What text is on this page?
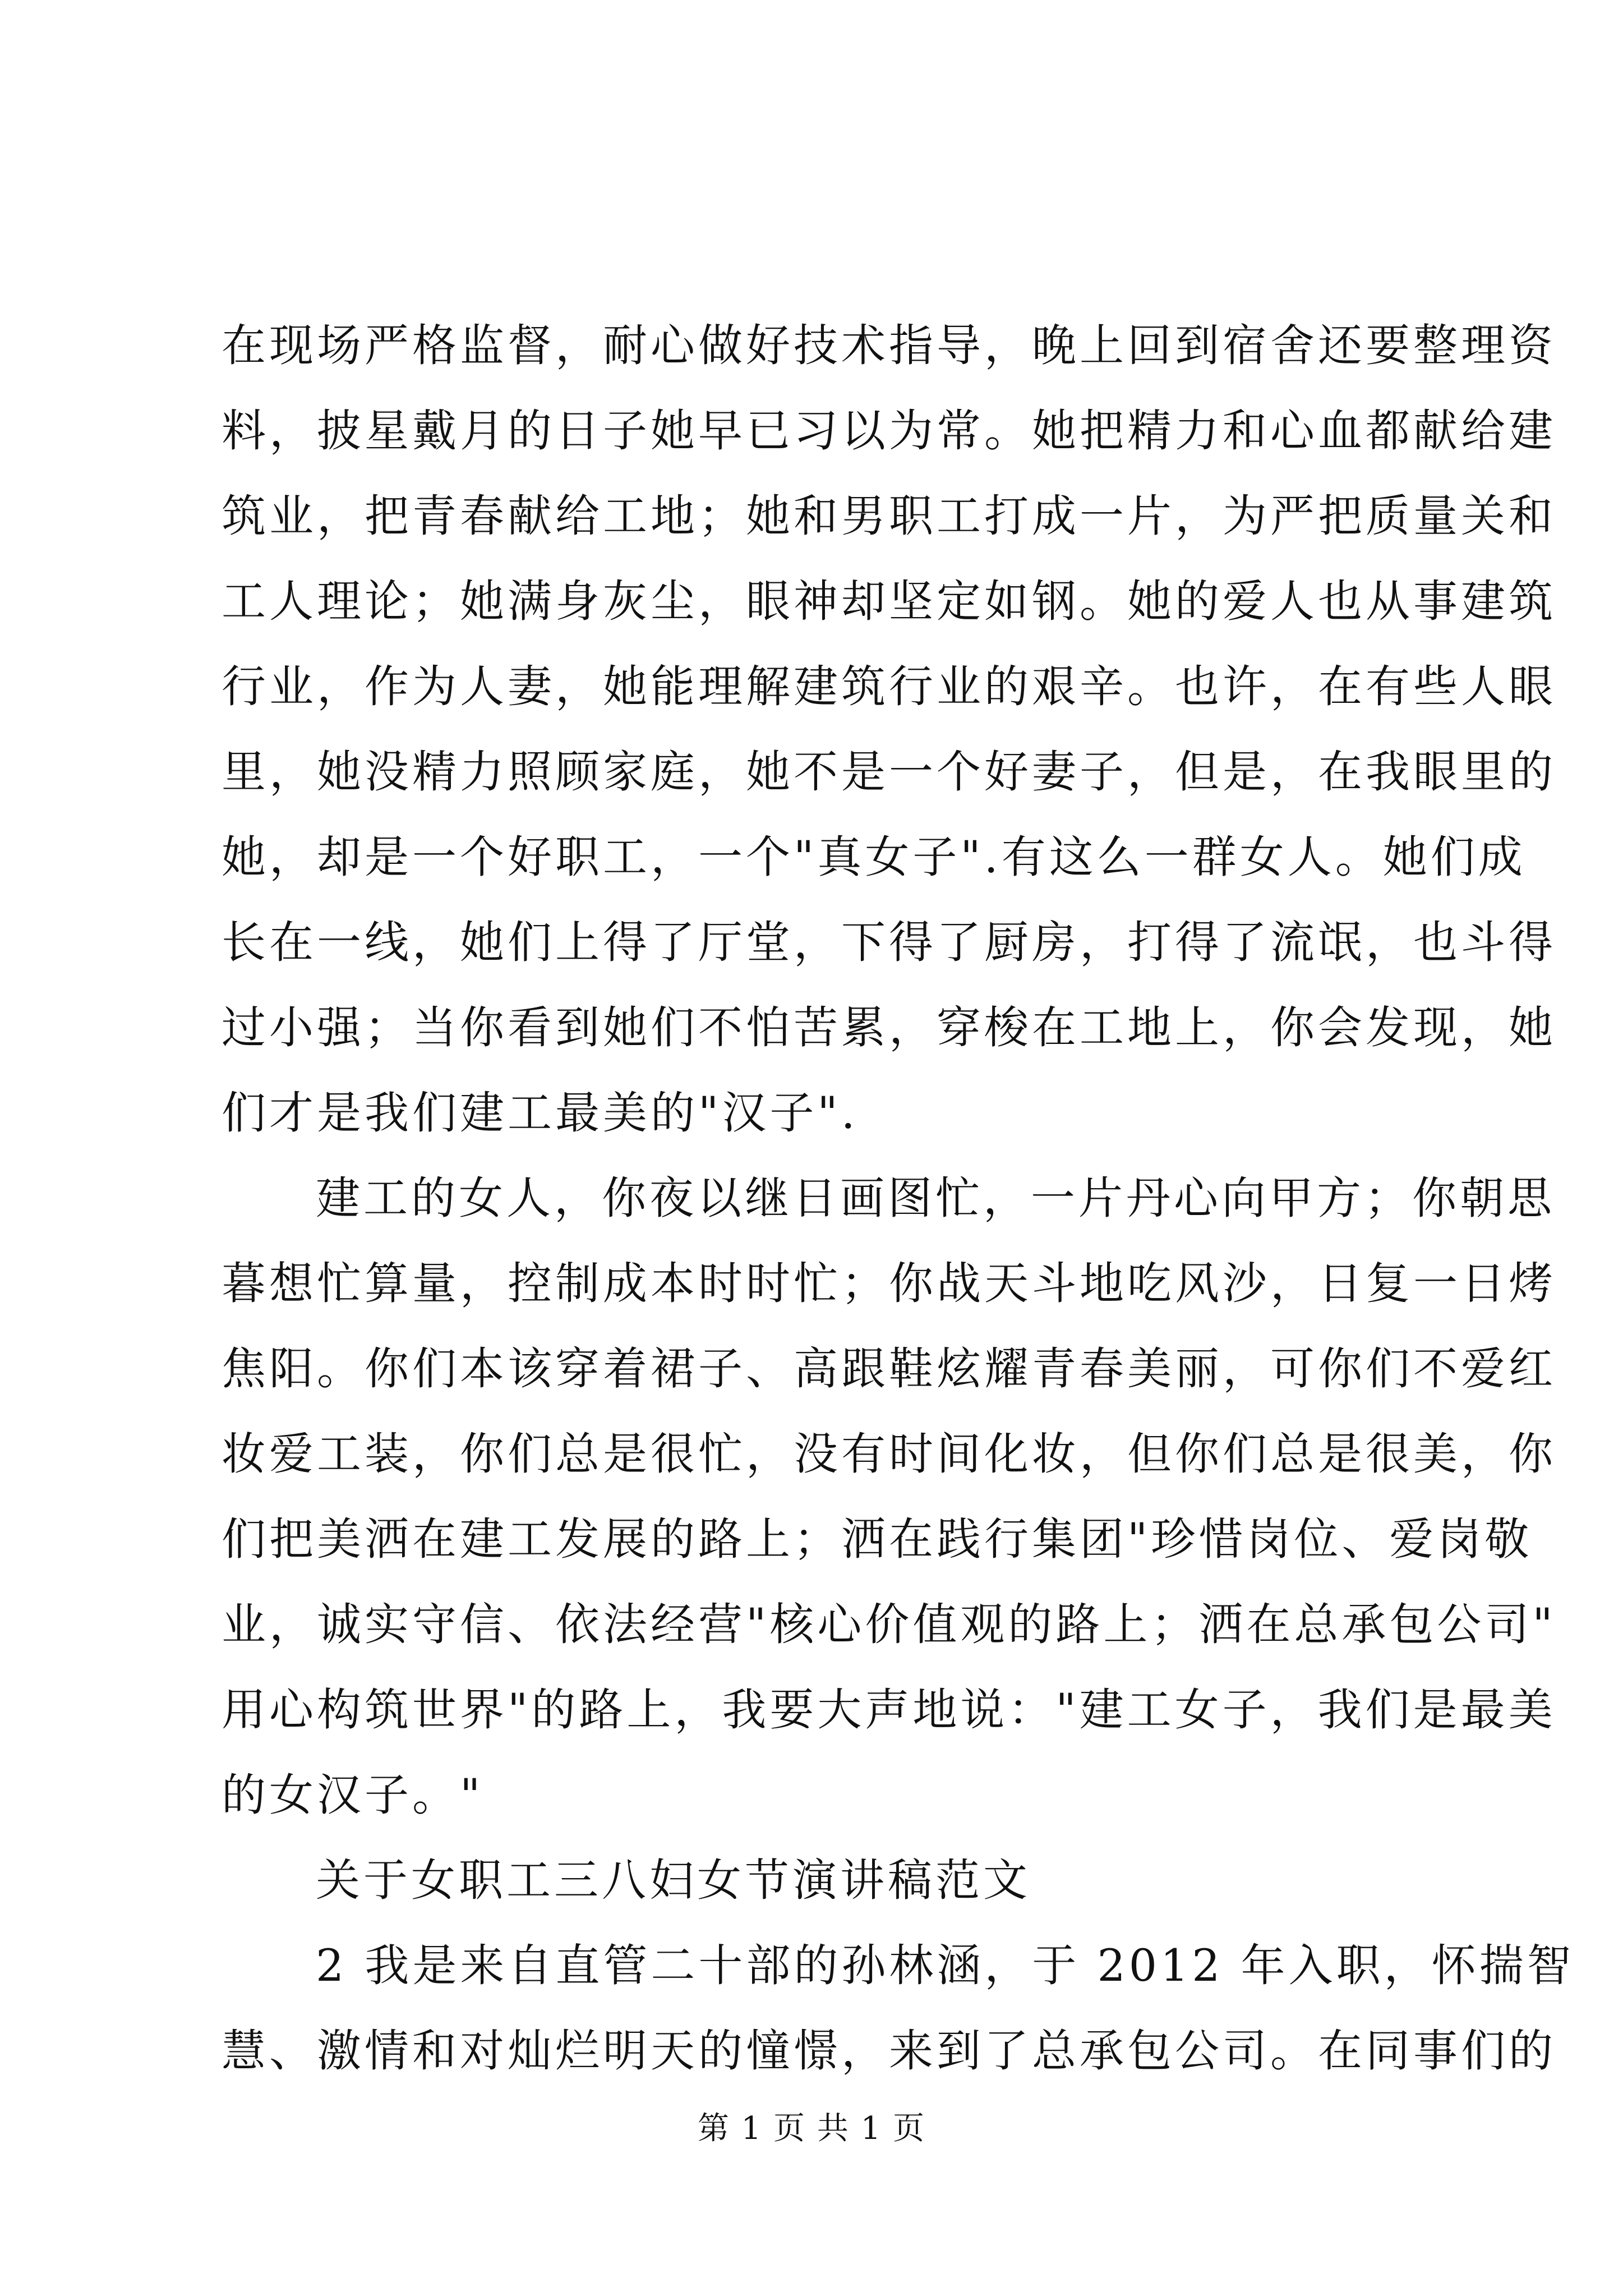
在现场严格监督，耐心做好技术指导，晚上回到宿舍还要整理资
料，披星戴月的日子她早已习以为常。她把精力和心血都献给建
筑业，把青春献给工地；她和男职工打成一片，为严把质量关和
工人理论；她满身灰尘，眼神却坚定如钢。她的爱人也从事建筑
行业，作为人妻，她能理解建筑行业的艰辛。也许，在有些人眼
里，她没精力照顾家庭，她不是一个好妻子，但是，在我眼里的
她，却是一个好职工，一个"真女子".有这么一群女人。她们成
长在一线，她们上得了厅堂，下得了厨房，打得了流氓，也斗得
过小强；当你看到她们不怕苦累，穿梭在工地上，你会发现，她
们才是我们建工最美的"汉子".
建工的女人，你夜以继日画图忙，一片丹心向甲方；你朝思
暮想忙算量，控制成本时时忙；你战天斗地吃风沙，日复一日烤
焦阳。你们本该穿着裙子、高跟鞋炫耀青春美丽，可你们不爱红
妆爱工装，你们总是很忙，没有时间化妆，但你们总是很美，你
们把美洒在建工发展的路上；洒在践行集团"珍惜岗位、爱岗敬
业，诚实守信、依法经营"核心价值观的路上；洒在总承包公司"
用心构筑世界"的路上，我要大声地说："建工女子，我们是最美
的女汉子。"
关于女职工三八妇女节演讲稿范文
2 我是来自直管二十部的孙林涵，于 2012 年入职，怀揣智
慧、激情和对灿烂明天的憧憬，来到了总承包公司。在同事们的
第 1 页 共 1 页
